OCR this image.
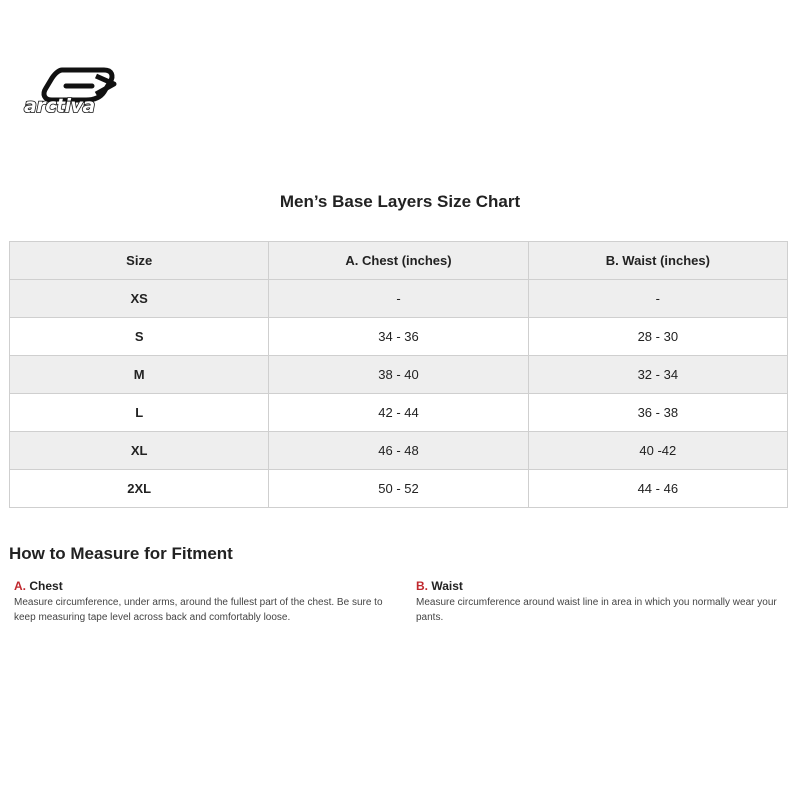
arctiva
Men’s Base Layers Size Chart
Size	A. Chest (inches)	B. Waist (inches)
XS	-	-
S	34 - 36	28 - 30
M	38 - 40	32 - 34
L	42 - 44	36 - 38
XL	46 - 48	40 -42
2XL	50 - 52	44 - 46
How to Measure for Fitment
A. Chest
Measure circumference, under arms, around the fullest part of the chest. Be sure to keep measuring tape level across back and comfortably loose.
B. Waist
Measure circumference around waist line in area in which you normally wear your pants.
